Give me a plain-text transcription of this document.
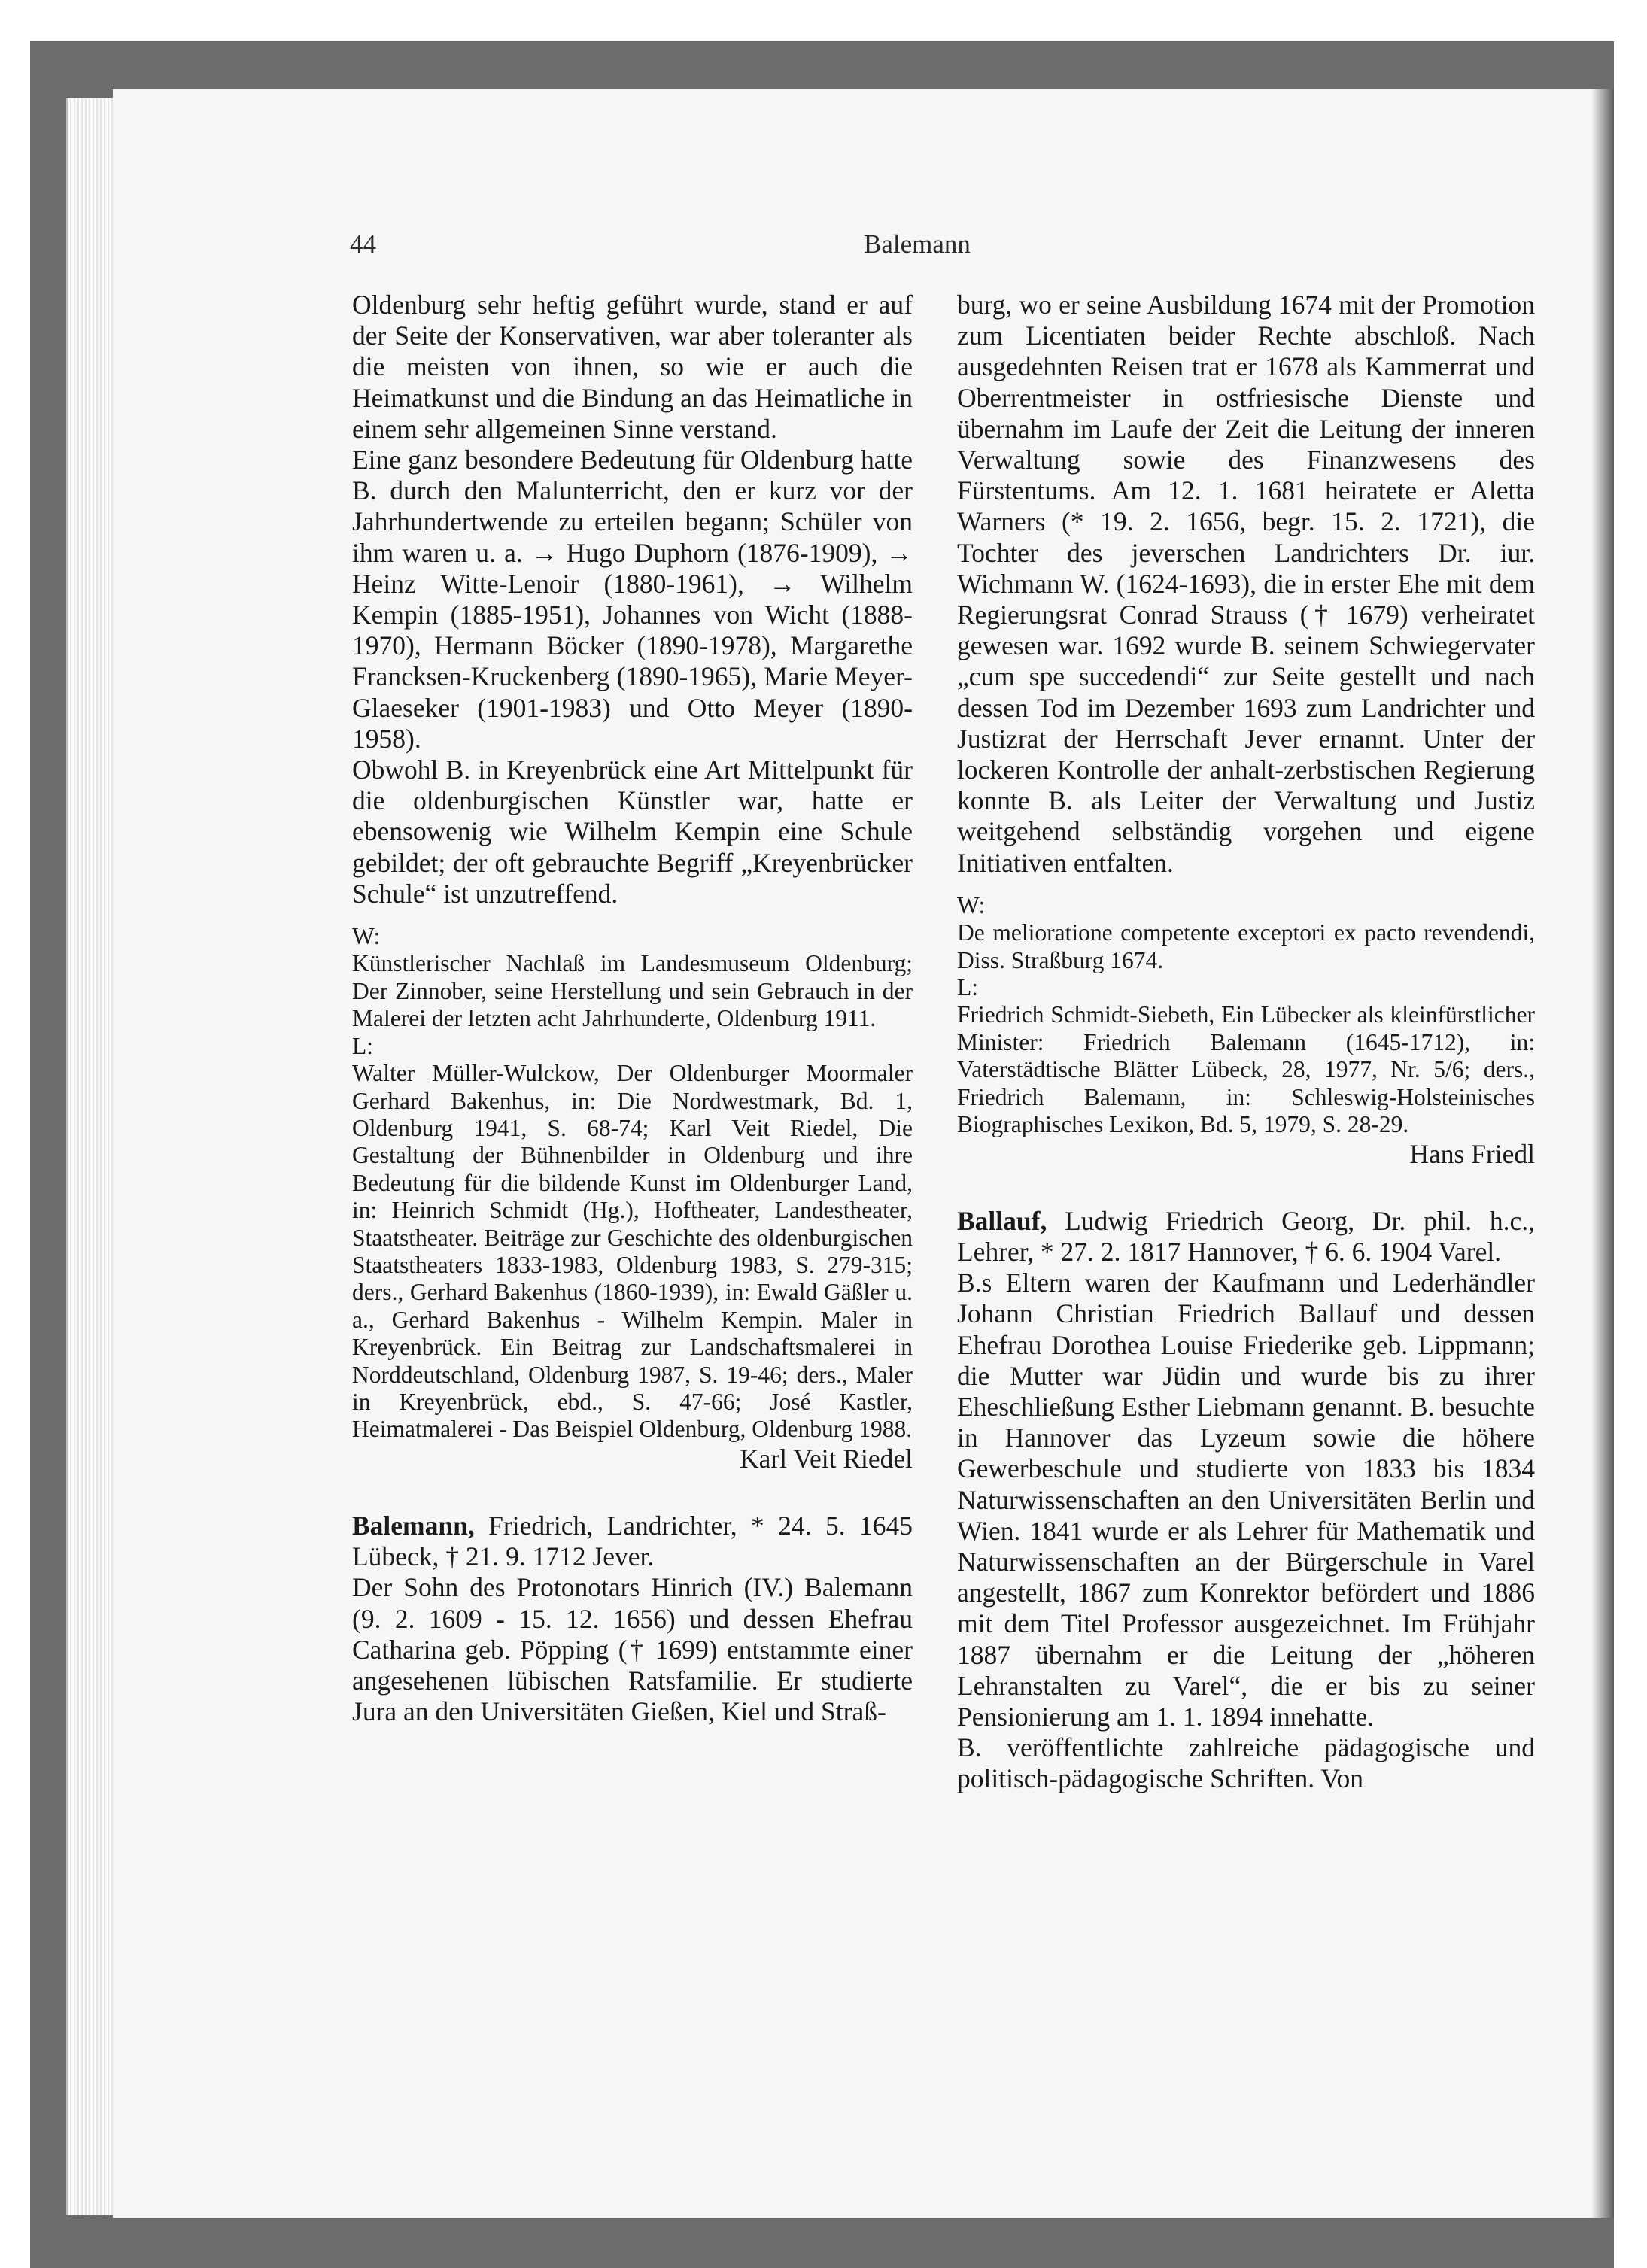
44	Balemann

Oldenburg sehr heftig geführt wurde, stand er auf der Seite der Konservativen, war aber toleranter als die meisten von ihnen, so wie er auch die Heimatkunst und die Bindung an das Heimatliche in einem sehr allgemeinen Sinne verstand.

Eine ganz besondere Bedeutung für Oldenburg hatte B. durch den Malunterricht, den er kurz vor der Jahrhundertwende zu erteilen begann; Schüler von ihm waren u. a. → Hugo Duphorn (1876-1909), → Heinz Witte-Lenoir (1880-1961), → Wilhelm Kempin (1885-1951), Johannes von Wicht (1888-1970), Hermann Böcker (1890-1978), Margarethe Francksen-Kruckenberg (1890-1965), Marie Meyer-Glaeseker (1901-1983) und Otto Meyer (1890-1958).

Obwohl B. in Kreyenbrück eine Art Mittelpunkt für die oldenburgischen Künstler war, hatte er ebensowenig wie Wilhelm Kempin eine Schule gebildet; der oft gebrauchte Begriff „Kreyenbrücker Schule“ ist unzutreffend.

W:

Künstlerischer Nachlaß im Landesmuseum Oldenburg; Der Zinnober, seine Herstellung und sein Gebrauch in der Malerei der letzten acht Jahrhunderte, Oldenburg 1911.

L:

Walter Müller-Wulckow, Der Oldenburger Moormaler Gerhard Bakenhus, in: Die Nordwestmark, Bd. 1, Oldenburg 1941, S. 68-74; Karl Veit Riedel, Die Gestaltung der Bühnenbilder in Oldenburg und ihre Bedeutung für die bildende Kunst im Oldenburger Land, in: Heinrich Schmidt (Hg.), Hoftheater, Landestheater, Staatstheater. Beiträge zur Geschichte des oldenburgischen Staatstheaters 1833-1983, Oldenburg 1983, S. 279-315; ders., Gerhard Bakenhus (1860-1939), in: Ewald Gäßler u. a., Gerhard Bakenhus - Wilhelm Kempin. Maler in Kreyenbrück. Ein Beitrag zur Landschaftsmalerei in Norddeutschland, Oldenburg 1987, S. 19-46; ders., Maler in Kreyenbrück, ebd., S. 47-66; José Kastler, Heimatmalerei - Das Beispiel Oldenburg, Oldenburg 1988.

Karl Veit Riedel

Balemann, Friedrich, Landrichter, * 24. 5. 1645 Lübeck, † 21. 9. 1712 Jever.

Der Sohn des Protonotars Hinrich (IV.) Balemann (9. 2. 1609 - 15. 12. 1656) und dessen Ehefrau Catharina geb. Pöpping († 1699) entstammte einer angesehenen lübischen Ratsfamilie. Er studierte Jura an den Universitäten Gießen, Kiel und Straß-

burg, wo er seine Ausbildung 1674 mit der Promotion zum Licentiaten beider Rechte abschloß. Nach ausgedehnten Reisen trat er 1678 als Kammerrat und Oberrentmeister in ostfriesische Dienste und übernahm im Laufe der Zeit die Leitung der inneren Verwaltung sowie des Finanzwesens des Fürstentums. Am 12. 1. 1681 heiratete er Aletta Warners (* 19. 2. 1656, begr. 15. 2. 1721), die Tochter des jeverschen Landrichters Dr. iur. Wichmann W. (1624-1693), die in erster Ehe mit dem Regierungsrat Conrad Strauss († 1679) verheiratet gewesen war. 1692 wurde B. seinem Schwiegervater „cum spe succedendi“ zur Seite gestellt und nach dessen Tod im Dezember 1693 zum Landrichter und Justizrat der Herrschaft Jever ernannt. Unter der lockeren Kontrolle der anhalt-zerbstischen Regierung konnte B. als Leiter der Verwaltung und Justiz weitgehend selbständig vorgehen und eigene Initiativen entfalten.

W:

De melioratione competente exceptori ex pacto revendendi, Diss. Straßburg 1674.

L:

Friedrich Schmidt-Siebeth, Ein Lübecker als kleinfürstlicher Minister: Friedrich Balemann (1645-1712), in: Vaterstädtische Blätter Lübeck, 28, 1977, Nr. 5/6; ders., Friedrich Balemann, in: Schleswig-Holsteinisches Biographisches Lexikon, Bd. 5, 1979, S. 28-29.

Hans Friedl

Ballauf, Ludwig Friedrich Georg, Dr. phil. h.c., Lehrer, * 27. 2. 1817 Hannover, † 6. 6. 1904 Varel.

B.s Eltern waren der Kaufmann und Lederhändler Johann Christian Friedrich Ballauf und dessen Ehefrau Dorothea Louise Friederike geb. Lippmann; die Mutter war Jüdin und wurde bis zu ihrer Eheschließung Esther Liebmann genannt. B. besuchte in Hannover das Lyzeum sowie die höhere Gewerbeschule und studierte von 1833 bis 1834 Naturwissenschaften an den Universitäten Berlin und Wien. 1841 wurde er als Lehrer für Mathematik und Naturwissenschaften an der Bürgerschule in Varel angestellt, 1867 zum Konrektor befördert und 1886 mit dem Titel Professor ausgezeichnet. Im Frühjahr 1887 übernahm er die Leitung der „höheren Lehranstalten zu Varel“, die er bis zu seiner Pensionierung am 1. 1. 1894 innehatte.

B. veröffentlichte zahlreiche pädagogische und politisch-pädagogische Schriften. Von
